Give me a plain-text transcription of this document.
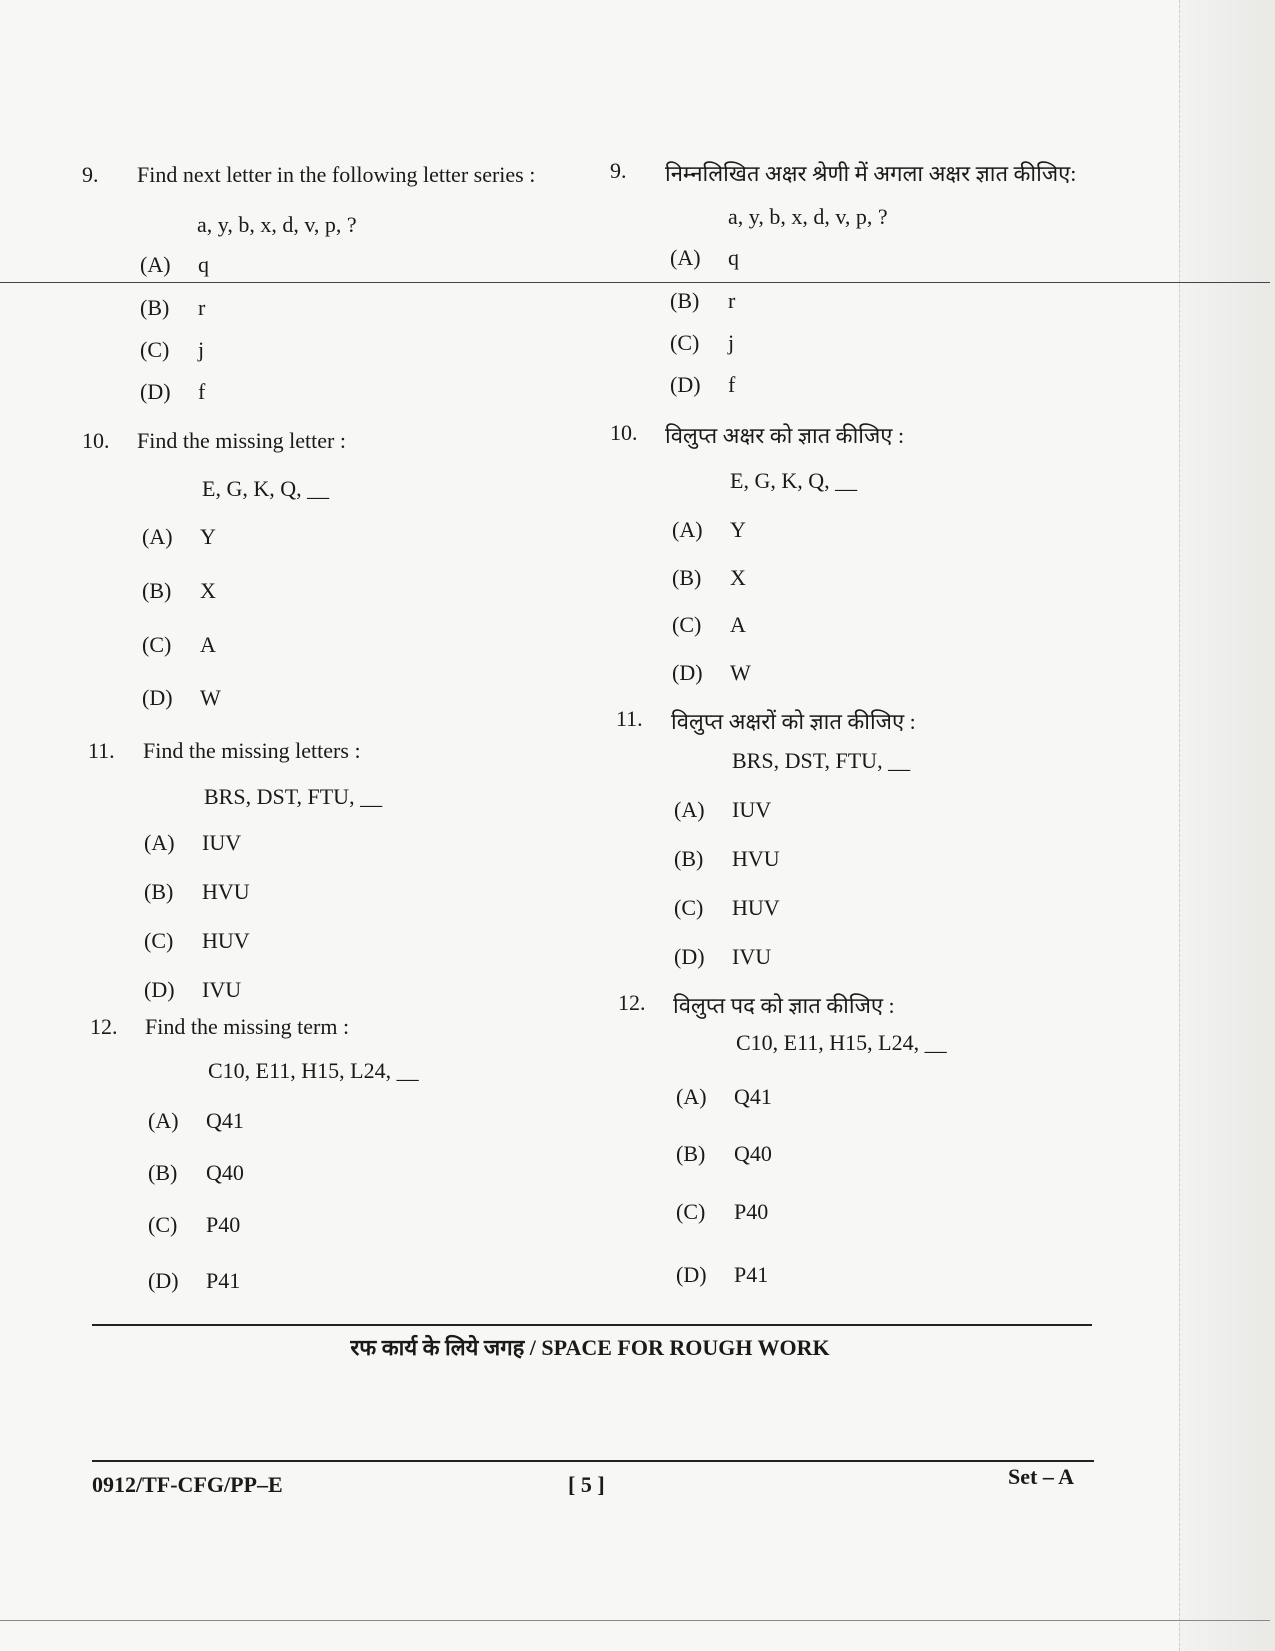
9.	Find next letter in the following letter series :
a, y, b, x, d, v, p, ?
(A) q
(B) r
(C) j
(D) f
10.	Find the missing letter :
E, G, K, Q, __
(A) Y
(B) X
(C) A
(D) W
11.	Find the missing letters :
BRS, DST, FTU, __
(A) IUV
(B) HVU
(C) HUV
(D) IVU
12.	Find the missing term :
C10, E11, H15, L24, __
(A) Q41
(B) Q40
(C) P40
(D) P41
9.	निम्नलिखित अक्षर श्रेणी में अगला अक्षर ज्ञात कीजिए:
a, y, b, x, d, v, p, ?
(A) q
(B) r
(C) j
(D) f
10.	विलुप्त अक्षर को ज्ञात कीजिए :
E, G, K, Q, __
(A) Y
(B) X
(C) A
(D) W
11.	विलुप्त अक्षरों को ज्ञात कीजिए :
BRS, DST, FTU, __
(A) IUV
(B) HVU
(C) HUV
(D) IVU
12.	विलुप्त पद को ज्ञात कीजिए :
C10, E11, H15, L24, __
(A) Q41
(B) Q40
(C) P40
(D) P41
रफ कार्य के लिये जगह / SPACE FOR ROUGH WORK
0912/TF-CFG/PP–E	[ 5 ]	Set – A
